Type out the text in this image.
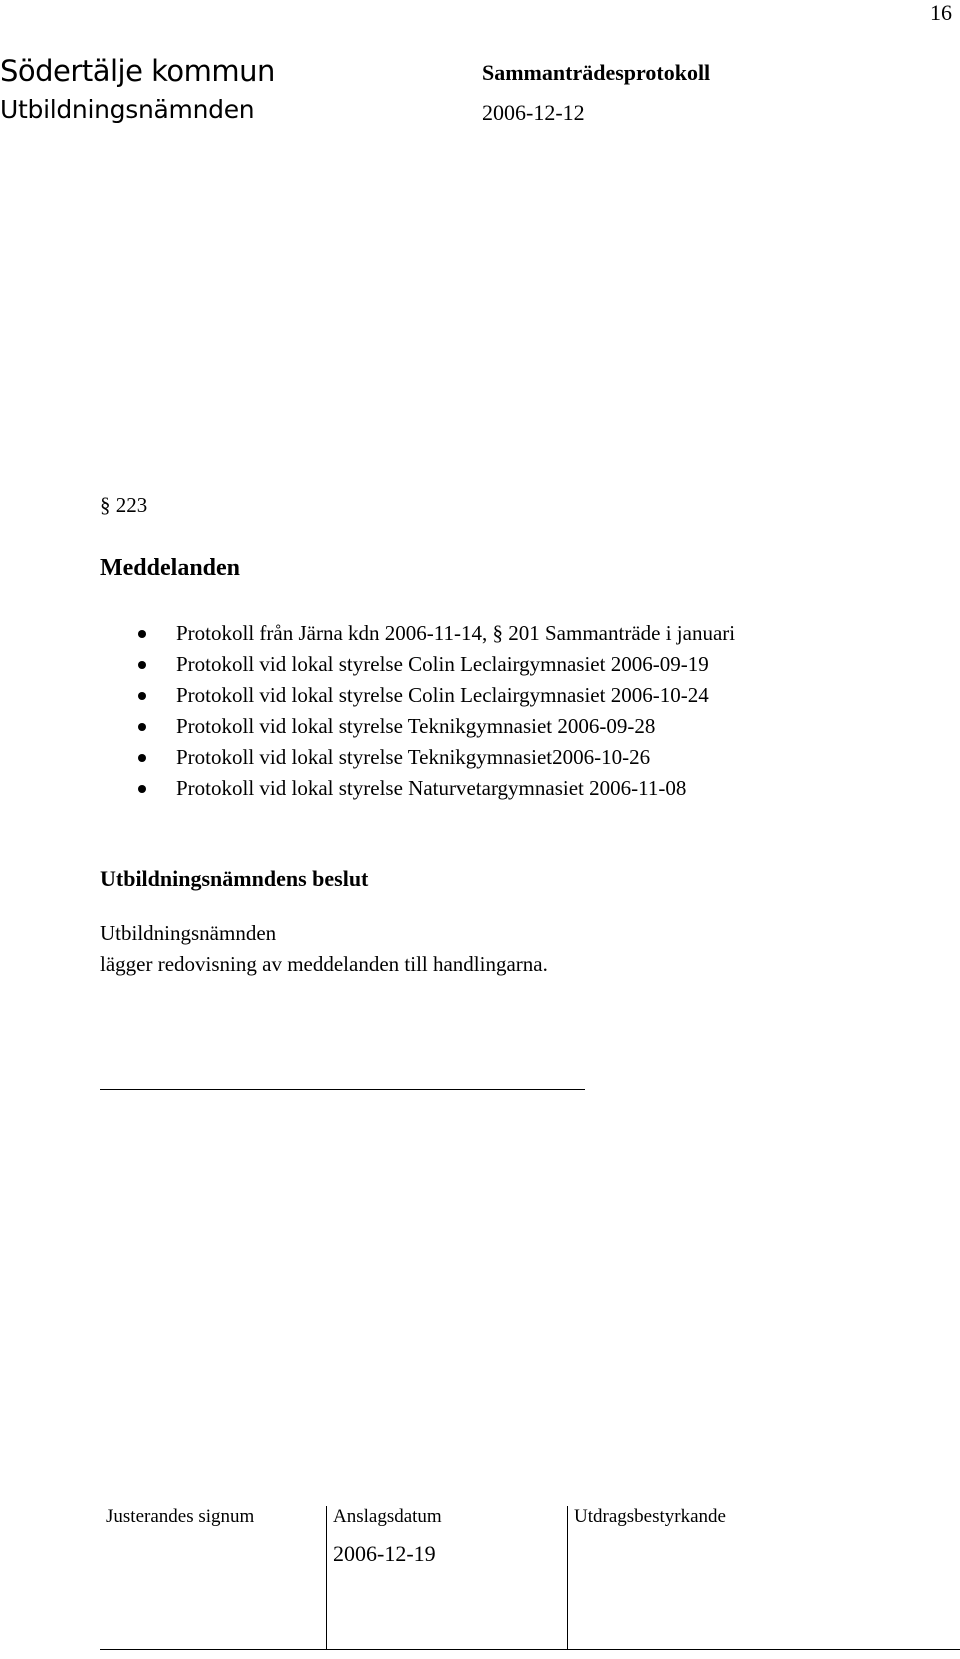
16
Södertälje kommun
Utbildningsnämnden
Sammanträdesprotokoll
2006-12-12
§ 223
Meddelanden
Protokoll från Järna kdn 2006-11-14, § 201 Sammanträde i januari
Protokoll vid lokal styrelse Colin Leclairgymnasiet 2006-09-19
Protokoll vid lokal styrelse Colin Leclairgymnasiet 2006-10-24
Protokoll vid lokal styrelse Teknikgymnasiet 2006-09-28
Protokoll vid lokal styrelse Teknikgymnasiet2006-10-26
Protokoll vid lokal styrelse Naturvetargymnasiet 2006-11-08
Utbildningsnämndens beslut
Utbildningsnämnden
lägger redovisning av meddelanden till handlingarna.
Justerandes signum	Anslagsdatum	Utdragsbestyrkande
2006-12-19
